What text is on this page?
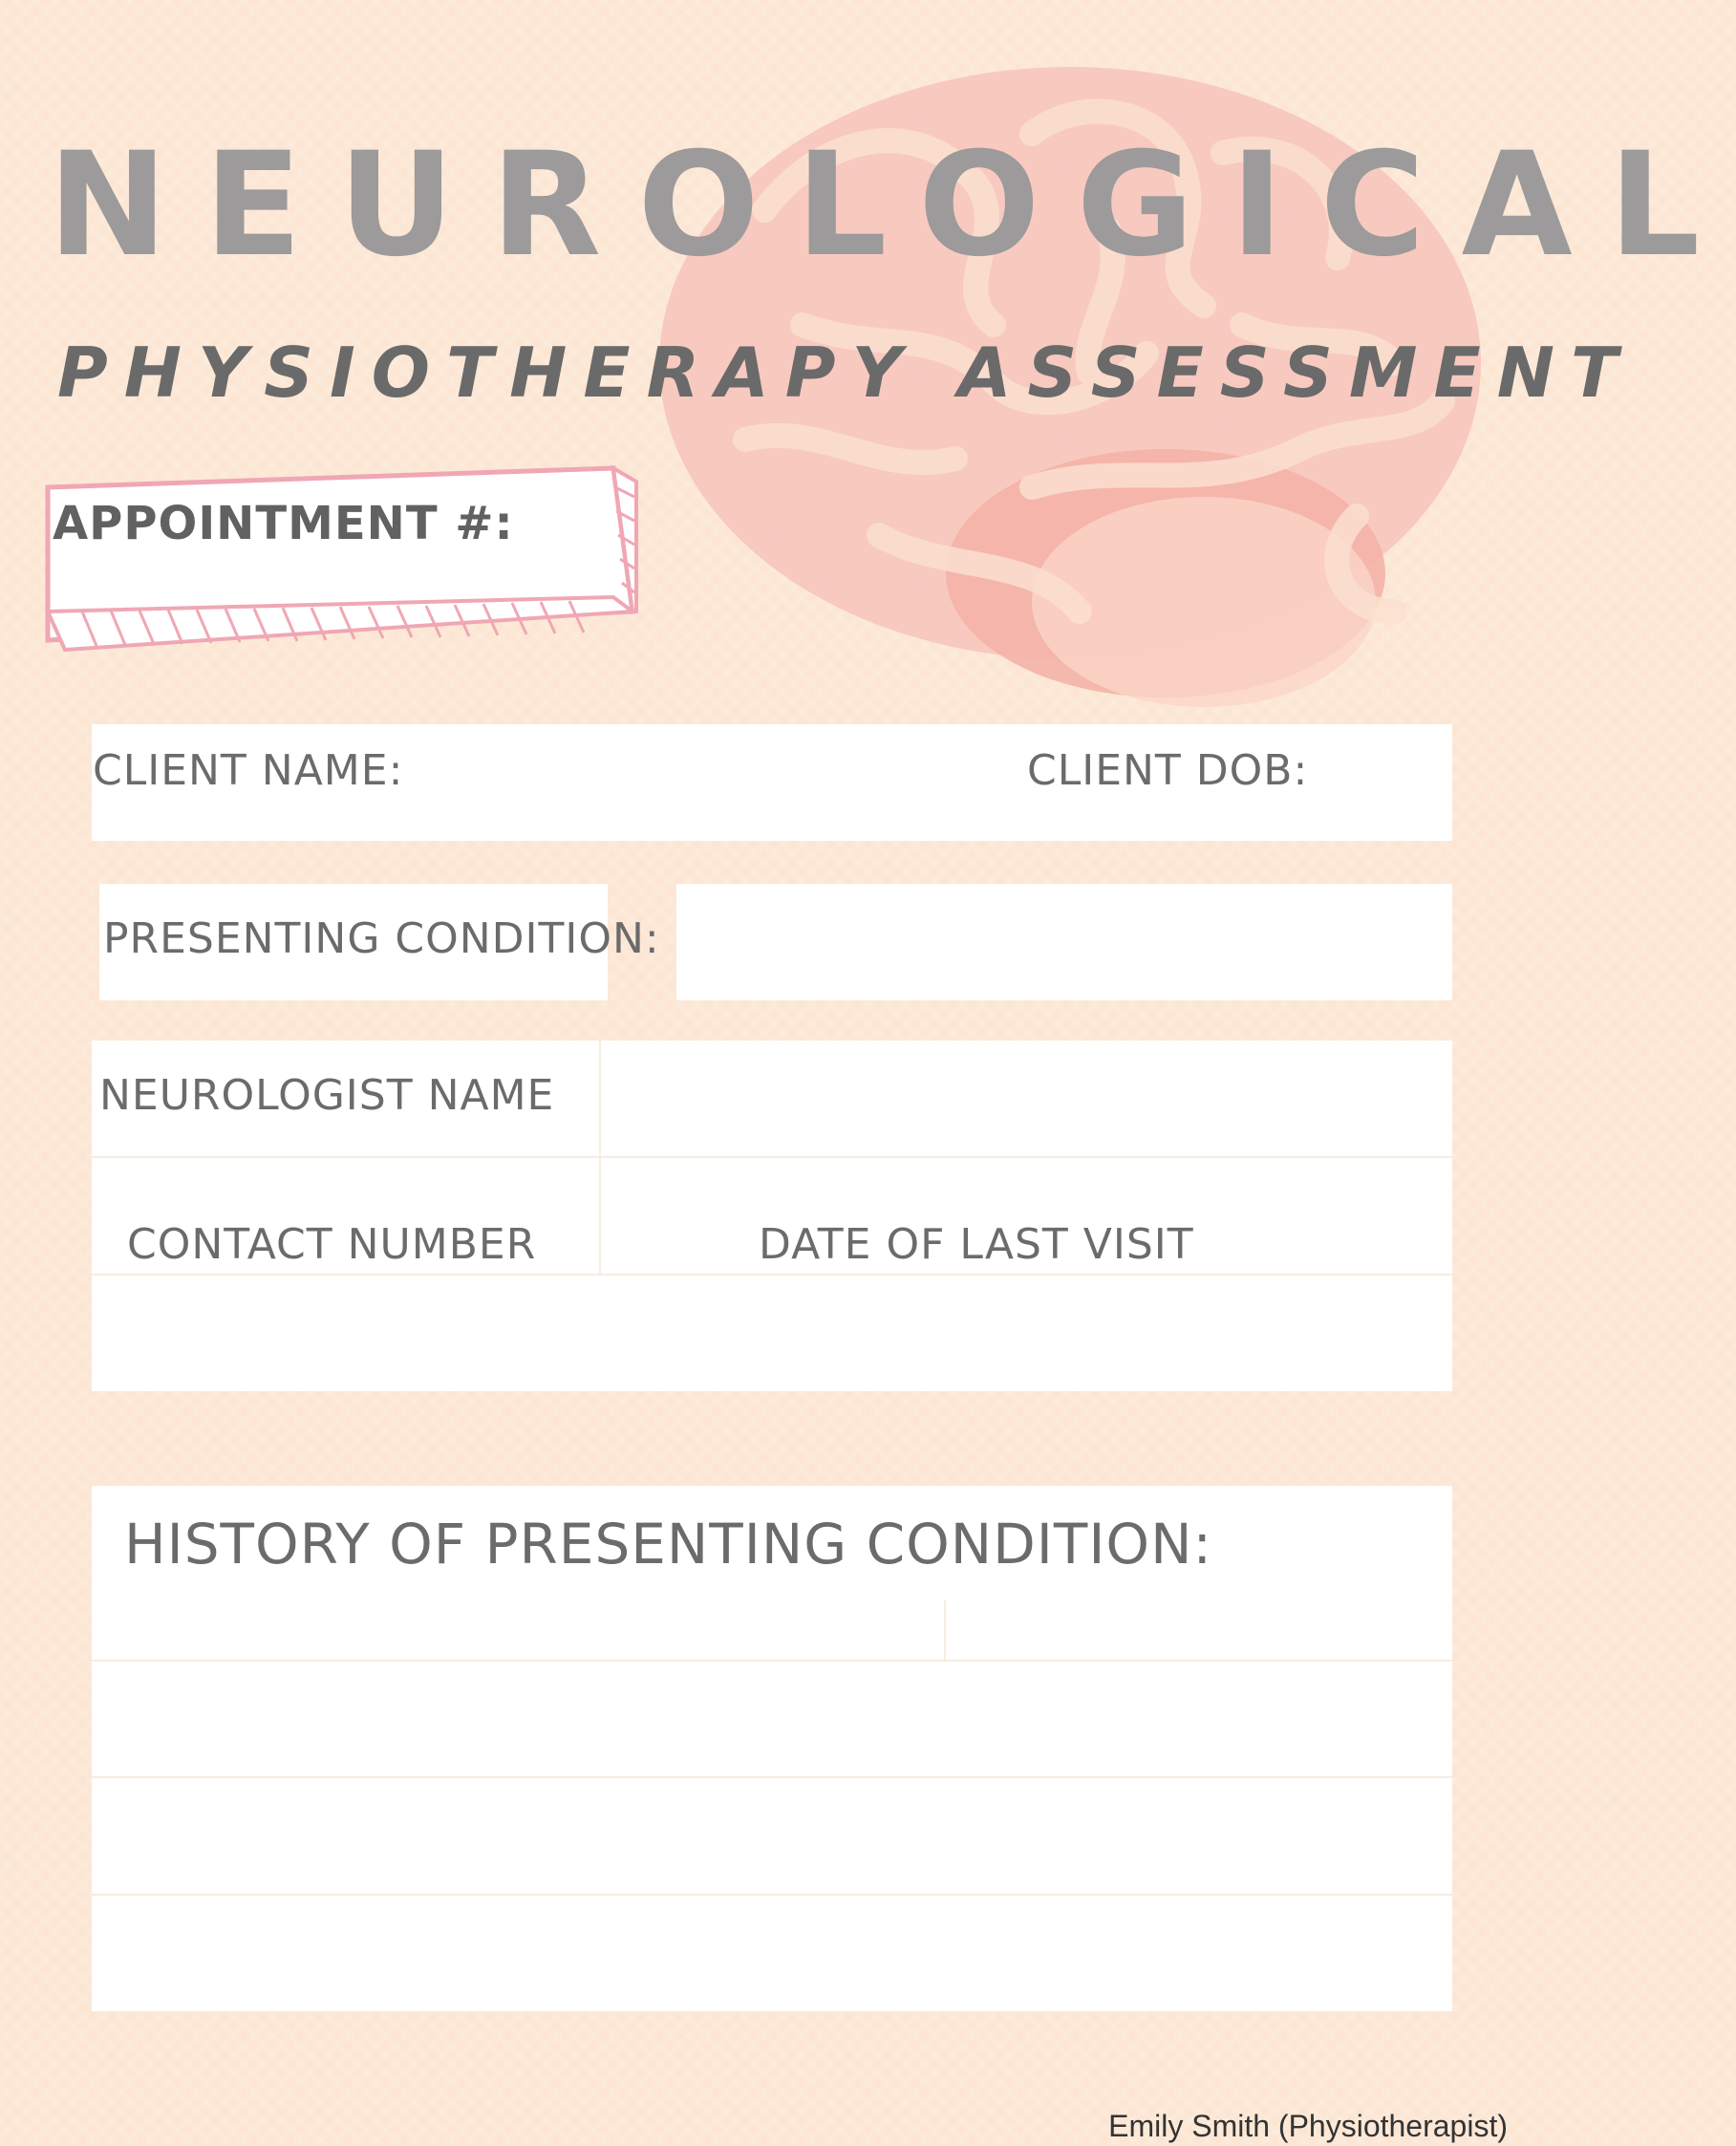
NEUROLOGICAL
PHYSIOTHERAPY ASSESSMENT
APPOINTMENT #:
CLIENT NAME:	CLIENT DOB:
PRESENTING CONDITION:
NEUROLOGIST NAME
CONTACT NUMBER	DATE OF LAST VISIT
HISTORY OF PRESENTING CONDITION:
Emily Smith (Physiotherapist)
